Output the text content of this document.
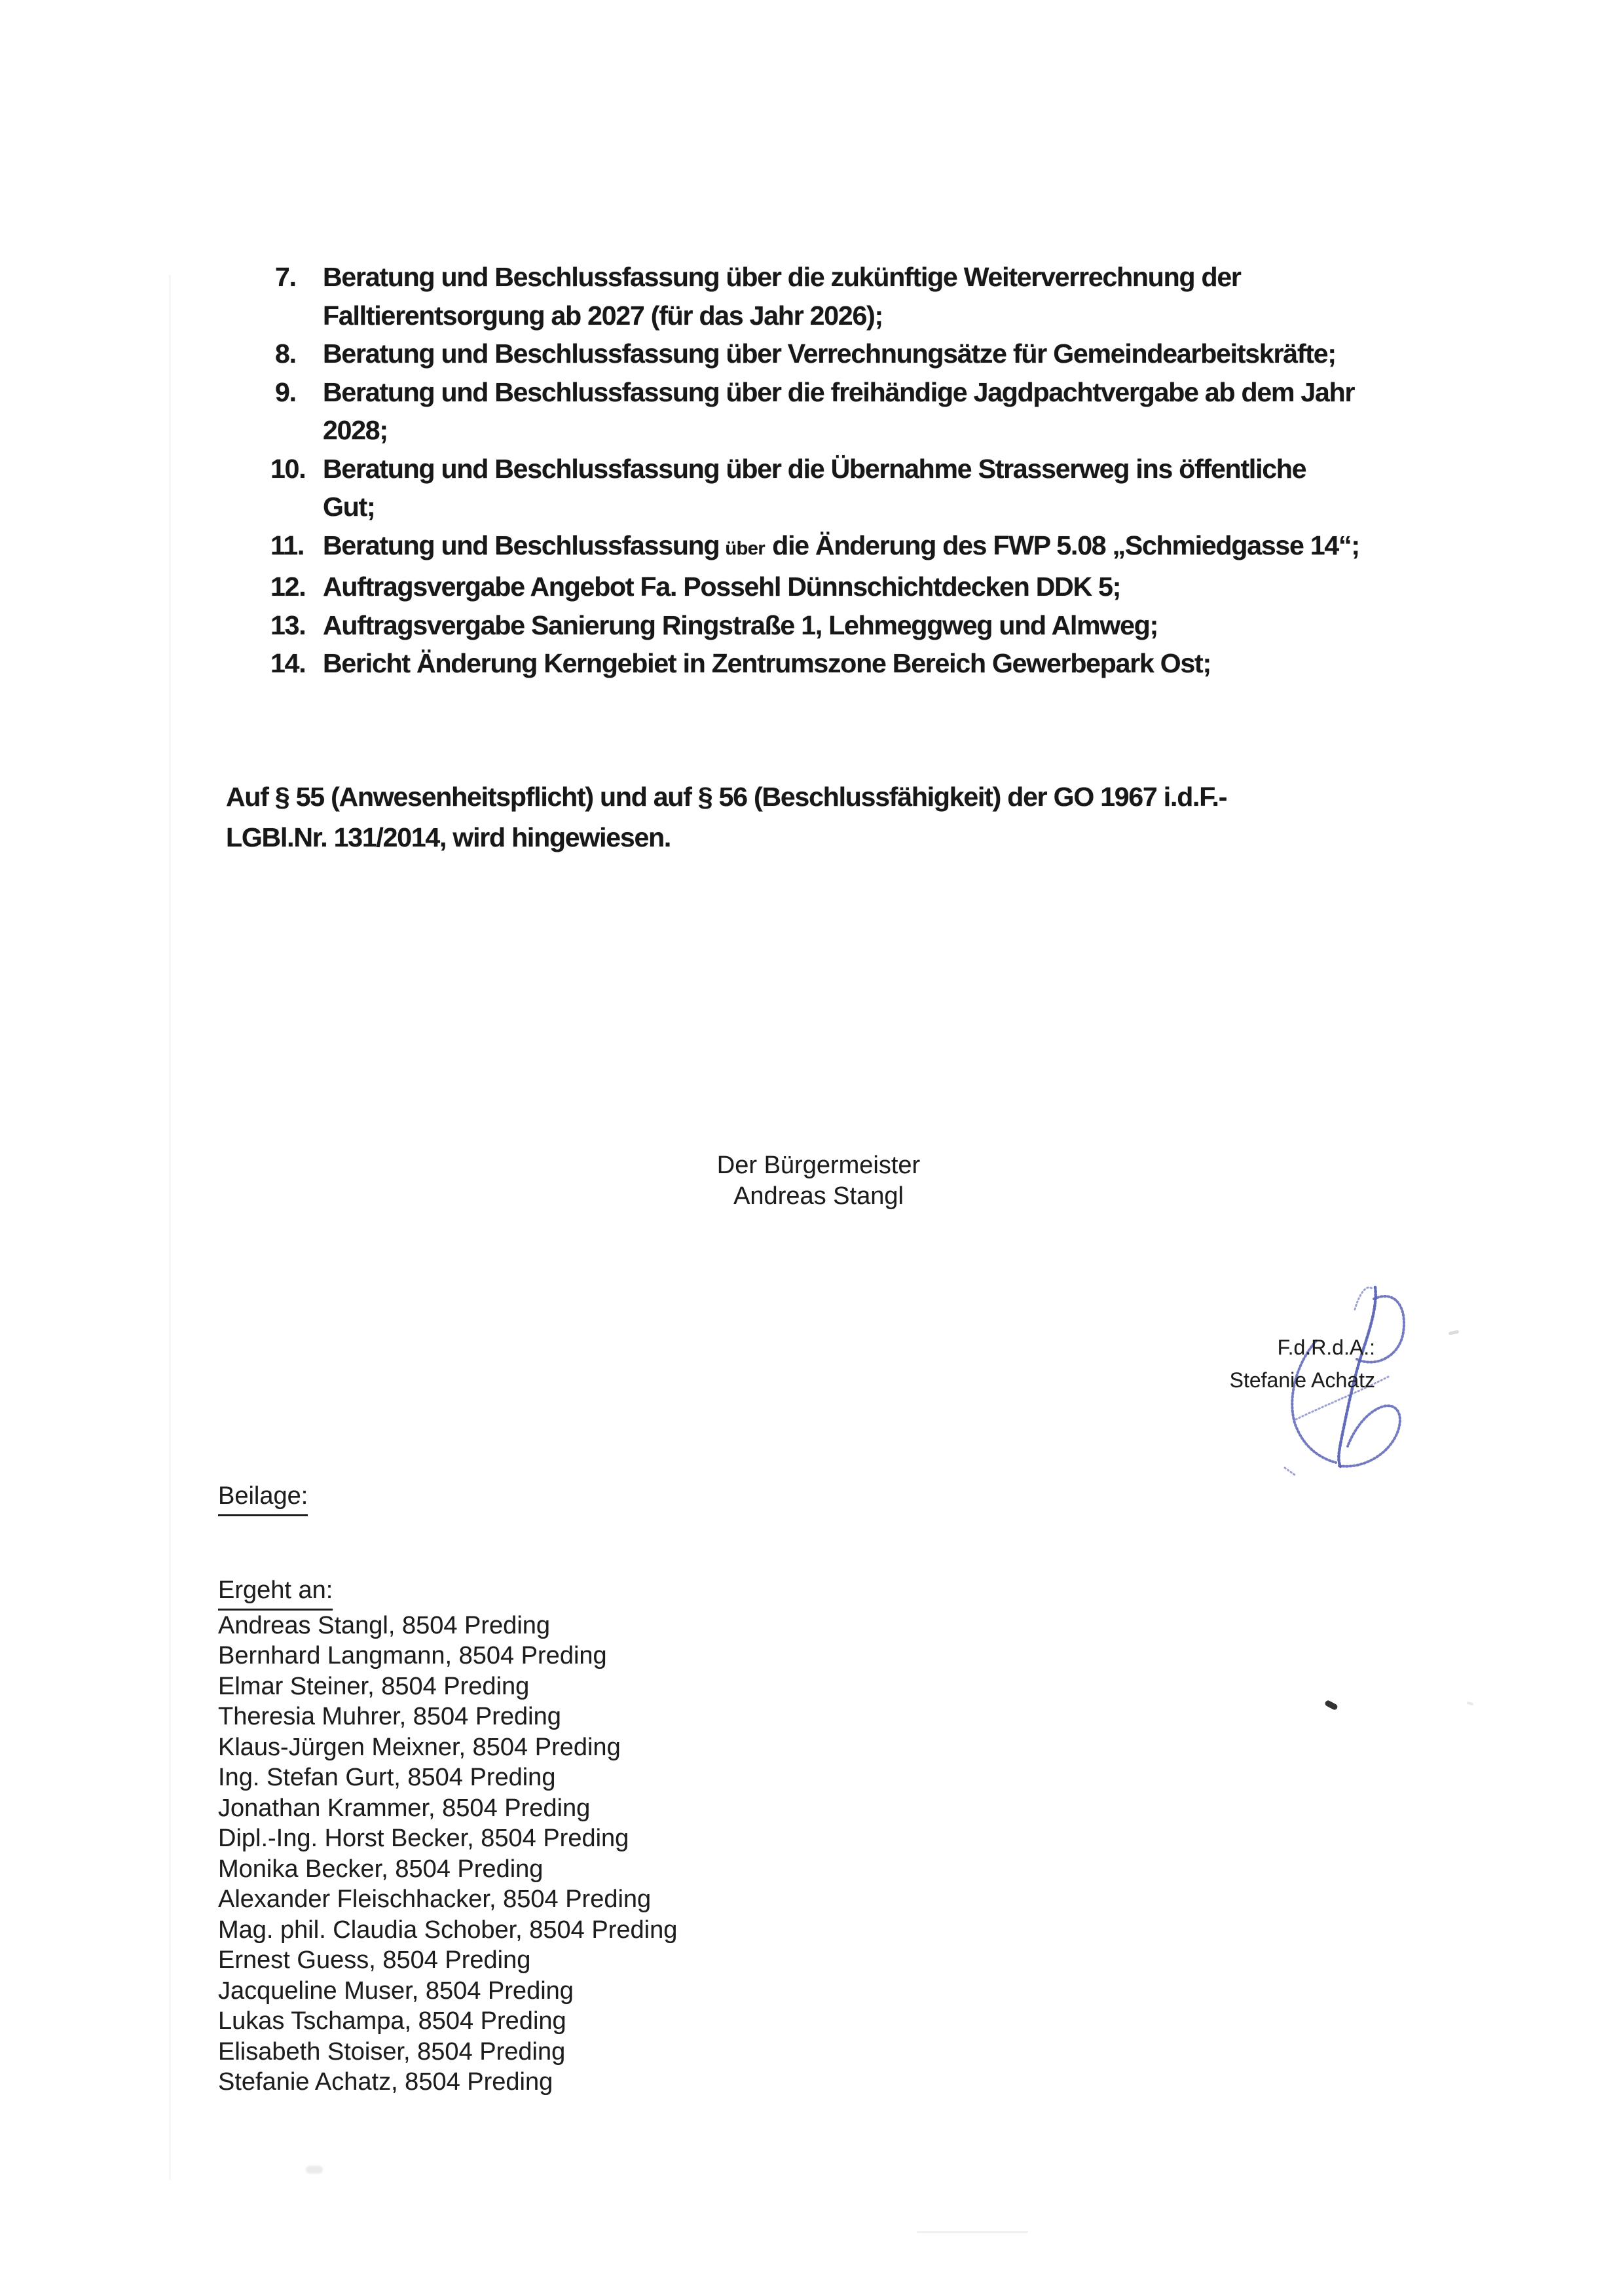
7.	Beratung und Beschlussfassung über die zukünftige Weiterverrechnung der
Falltierentsorgung ab 2027 (für das Jahr 2026);
8.	Beratung und Beschlussfassung über Verrechnungsätze für Gemeindearbeitskräfte;
9.	Beratung und Beschlussfassung über die freihändige Jagdpachtvergabe ab dem Jahr
2028;
10. Beratung und Beschlussfassung über die Übernahme Strasserweg ins öffentliche
Gut;
11. Beratung und Beschlussfassung über die Änderung des FWP 5.08 „Schmiedgasse 14“;
12. Auftragsvergabe Angebot Fa. Possehl Dünnschichtdecken DDK 5;
13. Auftragsvergabe Sanierung Ringstraße 1, Lehmeggweg und Almweg;
14. Bericht Änderung Kerngebiet in Zentrumszone Bereich Gewerbepark Ost;
Auf § 55 (Anwesenheitspflicht) und auf § 56 (Beschlussfähigkeit) der GO 1967 i.d.F.-
LGBl.Nr. 131/2014, wird hingewiesen.
Der Bürgermeister
Andreas Stangl
F.d.R.d.A.:
Stefanie Achatz
Beilage:
Ergeht an:
Andreas Stangl, 8504 Preding
Bernhard Langmann, 8504 Preding
Elmar Steiner, 8504 Preding
Theresia Muhrer, 8504 Preding
Klaus-Jürgen Meixner, 8504 Preding
Ing. Stefan Gurt, 8504 Preding
Jonathan Krammer, 8504 Preding
Dipl.-Ing. Horst Becker, 8504 Preding
Monika Becker, 8504 Preding
Alexander Fleischhacker, 8504 Preding
Mag. phil. Claudia Schober, 8504 Preding
Ernest Guess, 8504 Preding
Jacqueline Muser, 8504 Preding
Lukas Tschampa, 8504 Preding
Elisabeth Stoiser, 8504 Preding
Stefanie Achatz, 8504 Preding
